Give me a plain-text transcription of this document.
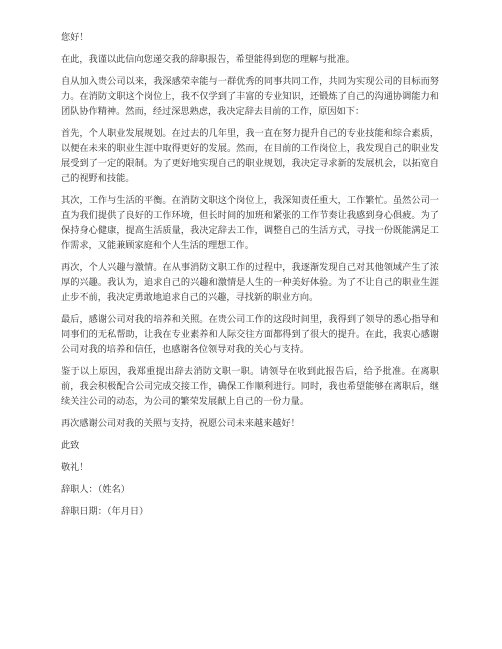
您好！

在此，我谨以此信向您递交我的辞职报告，希望能得到您的理解与批准。

自从加入贵公司以来，我深感荣幸能与一群优秀的同事共同工作，共同为实现公司的目标而努力。在消防文职这个岗位上，我不仅学到了丰富的专业知识，还锻炼了自己的沟通协调能力和团队协作精神。然而，经过深思熟虑，我决定辞去目前的工作，原因如下：

首先，个人职业发展规划。在过去的几年里，我一直在努力提升自己的专业技能和综合素质，以便在未来的职业生涯中取得更好的发展。然而，在目前的工作岗位上，我发现自己的职业发展受到了一定的限制。为了更好地实现自己的职业规划，我决定寻求新的发展机会，以拓宽自己的视野和技能。

其次，工作与生活的平衡。在消防文职这个岗位上，我深知责任重大，工作繁忙。虽然公司一直为我们提供了良好的工作环境，但长时间的加班和紧张的工作节奏让我感到身心俱疲。为了保持身心健康，提高生活质量，我决定辞去工作，调整自己的生活方式，寻找一份既能满足工作需求，又能兼顾家庭和个人生活的理想工作。

再次，个人兴趣与激情。在从事消防文职工作的过程中，我逐渐发现自己对其他领域产生了浓厚的兴趣。我认为，追求自己的兴趣和激情是人生的一种美好体验。为了不让自己的职业生涯止步不前，我决定勇敢地追求自己的兴趣，寻找新的职业方向。

最后，感谢公司对我的培养和关照。在贵公司工作的这段时间里，我得到了领导的悉心指导和同事们的无私帮助，让我在专业素养和人际交往方面都得到了很大的提升。在此，我衷心感谢公司对我的培养和信任，也感谢各位领导对我的关心与支持。

鉴于以上原因，我郑重提出辞去消防文职一职。请领导在收到此报告后，给予批准。在离职前，我会积极配合公司完成交接工作，确保工作顺利进行。同时，我也希望能够在离职后，继续关注公司的动态，为公司的繁荣发展献上自己的一份力量。

再次感谢公司对我的关照与支持，祝愿公司未来越来越好！

此致

敬礼！

辞职人：（姓名）

辞职日期：（年月日）
